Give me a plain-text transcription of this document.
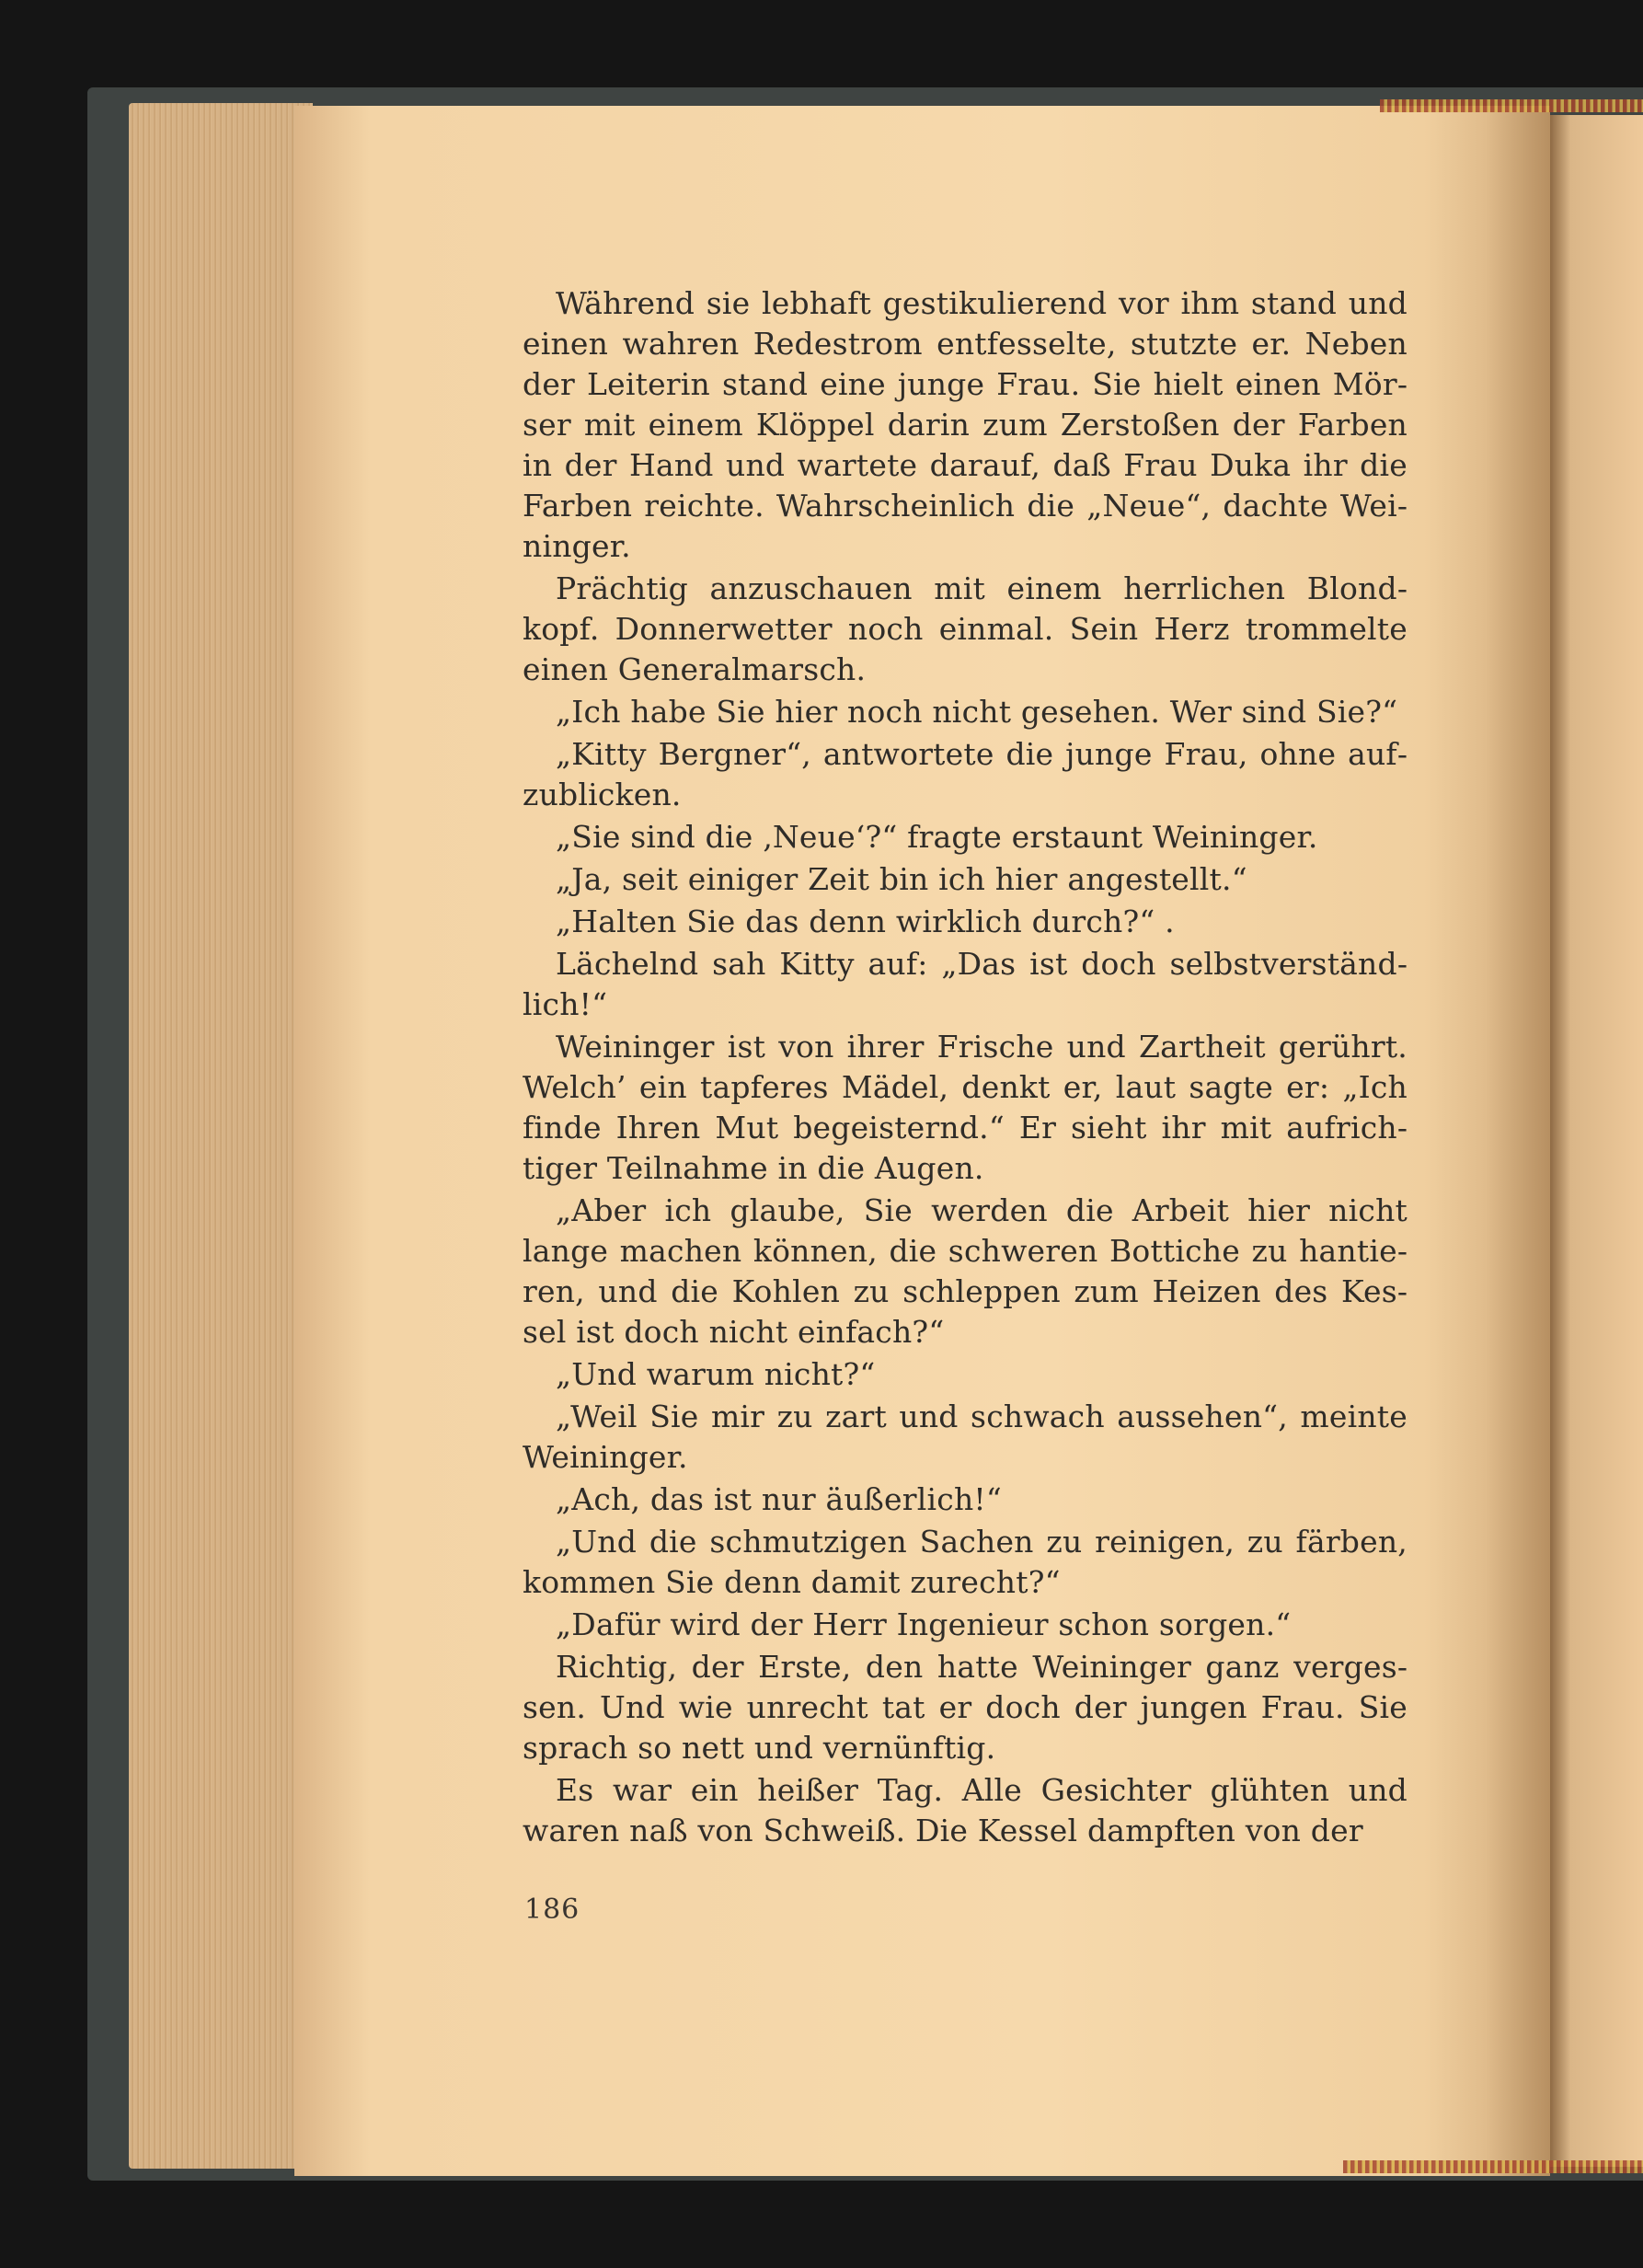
Während sie lebhaft gestikulierend vor ihm stand und einen wahren Redestrom entfesselte, stutzte er. Neben der Leiterin stand eine junge Frau. Sie hielt einen Mörser mit einem Klöppel darin zum Zerstoßen der Farben in der Hand und wartete darauf, daß Frau Duka ihr die Farben reichte. Wahrscheinlich die „Neue“, dachte Weininger.

Prächtig anzuschauen mit einem herrlichen Blondkopf. Donnerwetter noch einmal. Sein Herz trommelte einen Generalmarsch.

„Ich habe Sie hier noch nicht gesehen. Wer sind Sie?“

„Kitty Bergner“, antwortete die junge Frau, ohne aufzublicken.

„Sie sind die ‚Neue‘?“ fragte erstaunt Weininger.

„Ja, seit einiger Zeit bin ich hier angestellt.“

„Halten Sie das denn wirklich durch?“ .

Lächelnd sah Kitty auf: „Das ist doch selbstverständlich!“

Weininger ist von ihrer Frische und Zartheit gerührt. Welch’ ein tapferes Mädel, denkt er, laut sagte er: „Ich finde Ihren Mut begeisternd.“ Er sieht ihr mit aufrichtiger Teilnahme in die Augen.

„Aber ich glaube, Sie werden die Arbeit hier nicht lange machen können, die schweren Bottiche zu hantieren, und die Kohlen zu schleppen zum Heizen des Kessel ist doch nicht einfach?“

„Und warum nicht?“

„Weil Sie mir zu zart und schwach aussehen“, meinte Weininger.

„Ach, das ist nur äußerlich!“

„Und die schmutzigen Sachen zu reinigen, zu färben, kommen Sie denn damit zurecht?“

„Dafür wird der Herr Ingenieur schon sorgen.“

Richtig, der Erste, den hatte Weininger ganz vergessen. Und wie unrecht tat er doch der jungen Frau. Sie sprach so nett und vernünftig.

Es war ein heißer Tag. Alle Gesichter glühten und waren naß von Schweiß. Die Kessel dampften von der

186
